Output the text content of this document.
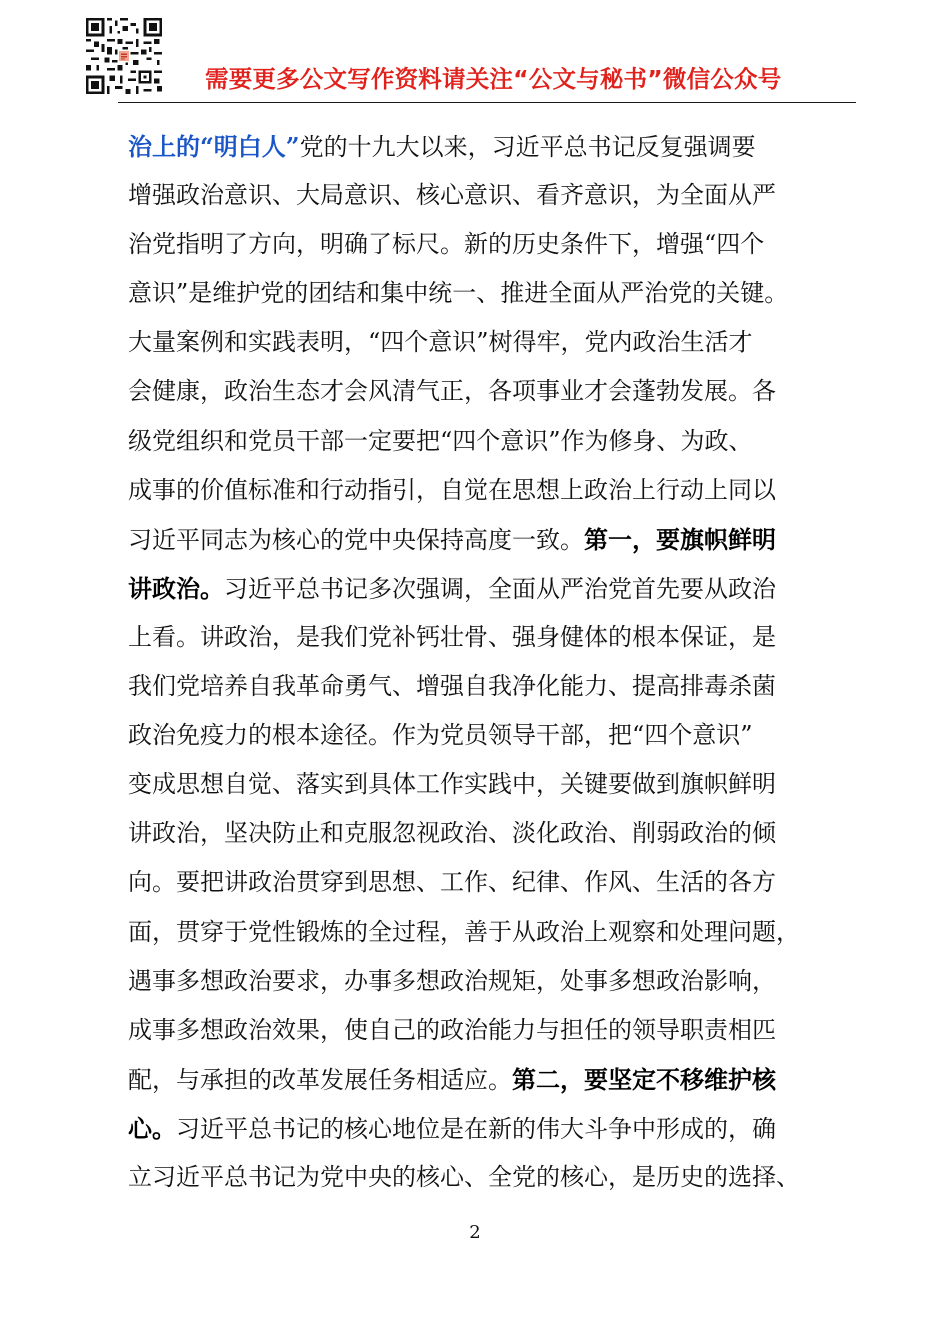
需要更多公文写作资料请关注“公文与秘书”微信公众号
治上的“明白人”党的十九大以来，习近平总书记反复强调要
增强政治意识、大局意识、核心意识、看齐意识，为全面从严
治党指明了方向，明确了标尺。新的历史条件下，增强“四个
意识”是维护党的团结和集中统一、推进全面从严治党的关键。
大量案例和实践表明，“四个意识”树得牢，党内政治生活才
会健康，政治生态才会风清气正，各项事业才会蓬勃发展。各
级党组织和党员干部一定要把“四个意识”作为修身、为政、
成事的价值标准和行动指引，自觉在思想上政治上行动上同以
习近平同志为核心的党中央保持高度一致。第一，要旗帜鲜明
讲政治。习近平总书记多次强调，全面从严治党首先要从政治
上看。讲政治，是我们党补钙壮骨、强身健体的根本保证，是
我们党培养自我革命勇气、增强自我净化能力、提高排毒杀菌
政治免疫力的根本途径。作为党员领导干部，把“四个意识”
变成思想自觉、落实到具体工作实践中，关键要做到旗帜鲜明
讲政治，坚决防止和克服忽视政治、淡化政治、削弱政治的倾
向。要把讲政治贯穿到思想、工作、纪律、作风、生活的各方
面，贯穿于党性锻炼的全过程，善于从政治上观察和处理问题，
遇事多想政治要求，办事多想政治规矩，处事多想政治影响，
成事多想政治效果，使自己的政治能力与担任的领导职责相匹
配，与承担的改革发展任务相适应。第二，要坚定不移维护核
心。习近平总书记的核心地位是在新的伟大斗争中形成的，确
立习近平总书记为党中央的核心、全党的核心，是历史的选择、
2
